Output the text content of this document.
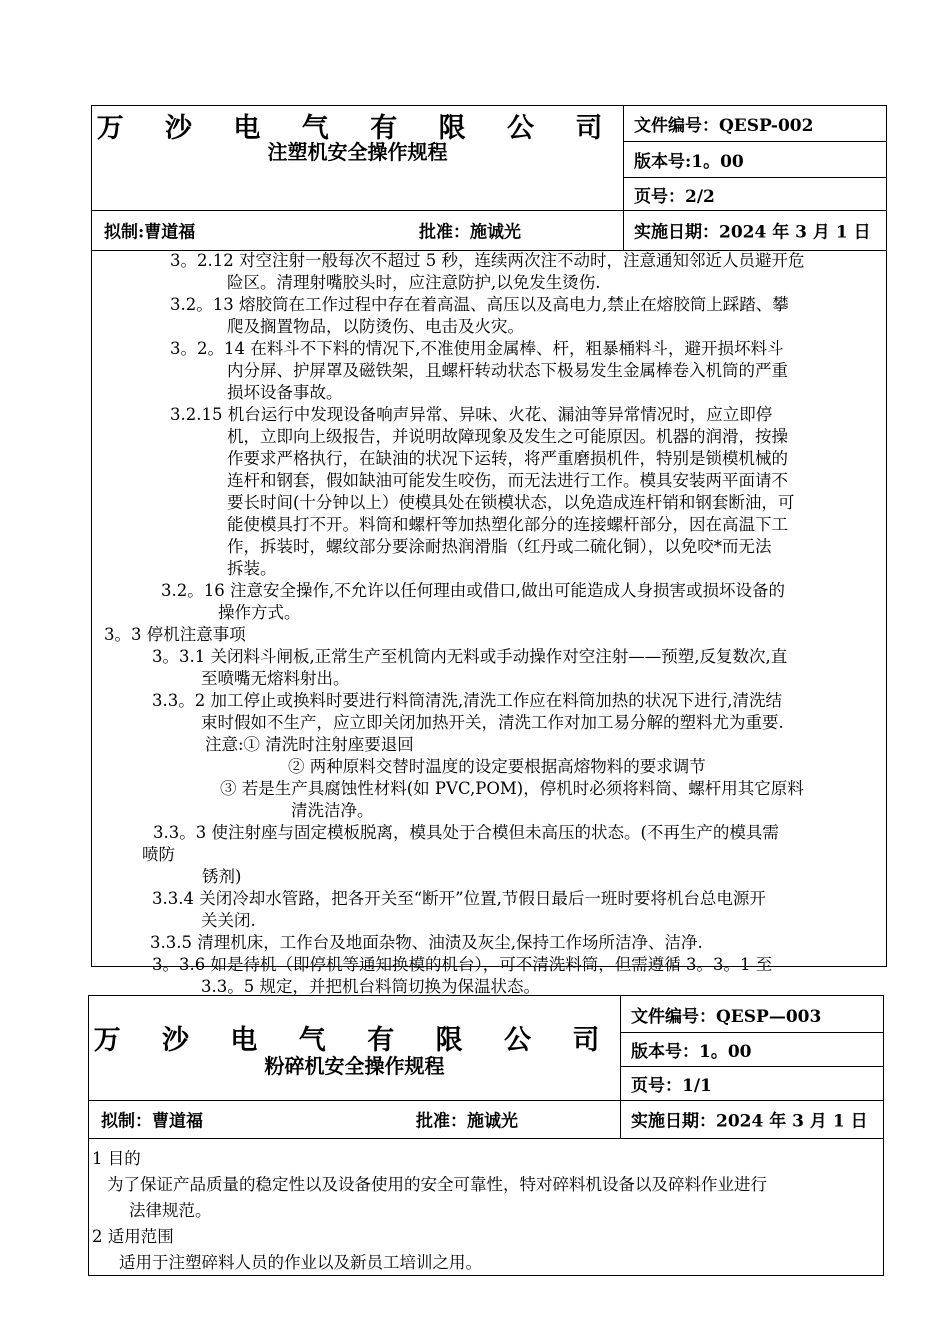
万 沙 电 气 有 限 公 司
注塑机安全操作规程
文件编号：QESP-002
版本号:1。00
页号：2/2
拟制:曹道福	批准：施诚光	实施日期：2024 年 3 月 1 日
3。2.12 对空注射一般每次不超过 5 秒，连续两次注不动时，注意通知邻近人员避开危
险区。清理射嘴胶头时，应注意防护,以免发生烫伤.
3.2。13 熔胶筒在工作过程中存在着高温、高压以及高电力,禁止在熔胶筒上踩踏、攀
爬及搁置物品，以防烫伤、电击及火灾。
3。2。14 在料斗不下料的情况下,不准使用金属棒、杆，粗暴桶料斗，避开损坏料斗
内分屏、护屏罩及磁铁架，且螺杆转动状态下极易发生金属棒卷入机筒的严重
损坏设备事故。
3.2.15 机台运行中发现设备响声异常、异味、火花、漏油等异常情况时，应立即停
机，立即向上级报告，并说明故障现象及发生之可能原因。机器的润滑，按操
作要求严格执行，在缺油的状况下运转，将严重磨损机件，特别是锁模机械的
连杆和钢套，假如缺油可能发生咬伤，而无法进行工作。模具安装两平面请不
要长时间(十分钟以上）使模具处在锁模状态，以免造成连杆销和钢套断油，可
能使模具打不开。料筒和螺杆等加热塑化部分的连接螺杆部分，因在高温下工
作，拆装时，螺纹部分要涂耐热润滑脂（红丹或二硫化铜），以免咬*而无法
拆装。
3.2。16 注意安全操作,不允许以任何理由或借口,做出可能造成人身损害或损坏设备的
操作方式。
3。3 停机注意事项
3。3.1 关闭料斗闸板,正常生产至机筒内无料或手动操作对空注射——预塑,反复数次,直
至喷嘴无熔料射出。
3.3。2 加工停止或换料时要进行料筒清洗,清洗工作应在料筒加热的状况下进行,清洗结
束时假如不生产，应立即关闭加热开关，清洗工作对加工易分解的塑料尤为重要.
注意:① 清洗时注射座要退回
② 两种原料交替时温度的设定要根据高熔物料的要求调节
③ 若是生产具腐蚀性材料(如 PVC,POM)，停机时必须将料筒、螺杆用其它原料
清洗洁净。
3.3。3 使注射座与固定模板脱离，模具处于合模但未高压的状态。(不再生产的模具需
喷防
锈剂)
3.3.4 关闭冷却水管路，把各开关至“断开”位置,节假日最后一班时要将机台总电源开
关关闭.
3.3.5 清理机床，工作台及地面杂物、油渍及灰尘,保持工作场所洁净、洁净.
3。3.6 如是待机（即停机等通知换模的机台），可不清洗料筒，但需遵循 3。3。1 至
3.3。5 规定，并把机台料筒切换为保温状态。
万 沙 电 气 有 限 公 司
粉碎机安全操作规程
文件编号：QESP—003
版本号：1。00
页号：1/1
拟制：曹道福	批准：施诚光	实施日期：2024 年 3 月 1 日
1 目的
为了保证产品质量的稳定性以及设备使用的安全可靠性，特对碎料机设备以及碎料作业进行
法律规范。
2 适用范围
适用于注塑碎料人员的作业以及新员工培训之用。
